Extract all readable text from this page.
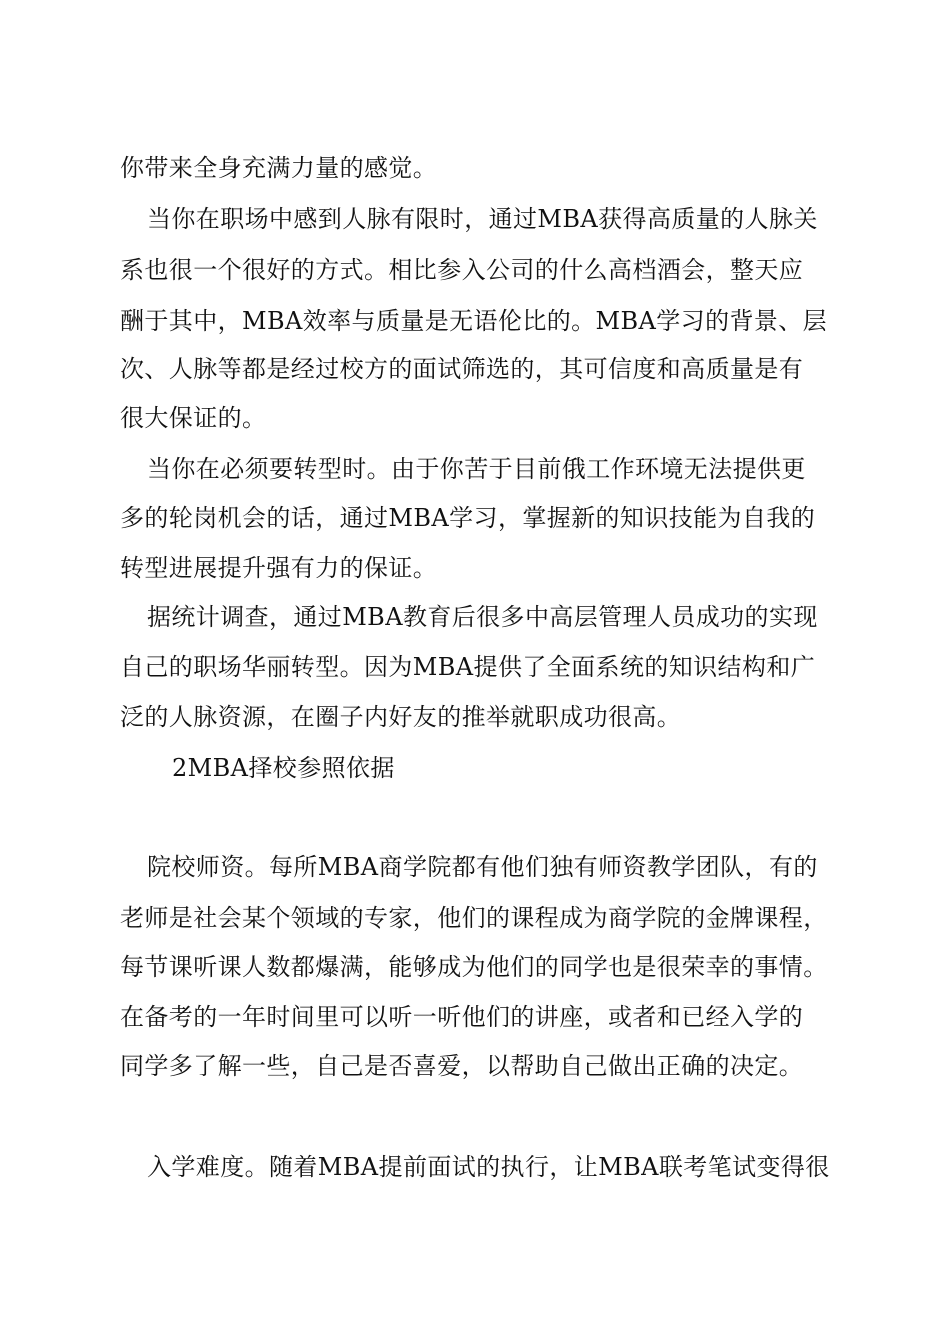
你带来全身充满力量的感觉。
当你在职场中感到人脉有限时，通过MBA获得高质量的人脉关
系也很一个很好的方式。相比参入公司的什么高档酒会，整天应
酬于其中，MBA效率与质量是无语伦比的。MBA学习的背景、层
次、人脉等都是经过校方的面试筛选的，其可信度和高质量是有
很大保证的。
当你在必须要转型时。由于你苦于目前俄工作环境无法提供更
多的轮岗机会的话，通过MBA学习，掌握新的知识技能为自我的
转型进展提升强有力的保证。
据统计调查，通过MBA教育后很多中高层管理人员成功的实现
自己的职场华丽转型。因为MBA提供了全面系统的知识结构和广
泛的人脉资源，在圈子内好友的推举就职成功很高。
2MBA择校参照依据
院校师资。每所MBA商学院都有他们独有师资教学团队，有的
老师是社会某个领域的专家，他们的课程成为商学院的金牌课程，
每节课听课人数都爆满，能够成为他们的同学也是很荣幸的事情。
在备考的一年时间里可以听一听他们的讲座，或者和已经入学的
同学多了解一些，自己是否喜爱，以帮助自己做出正确的决定。
入学难度。随着MBA提前面试的执行，让MBA联考笔试变得很
